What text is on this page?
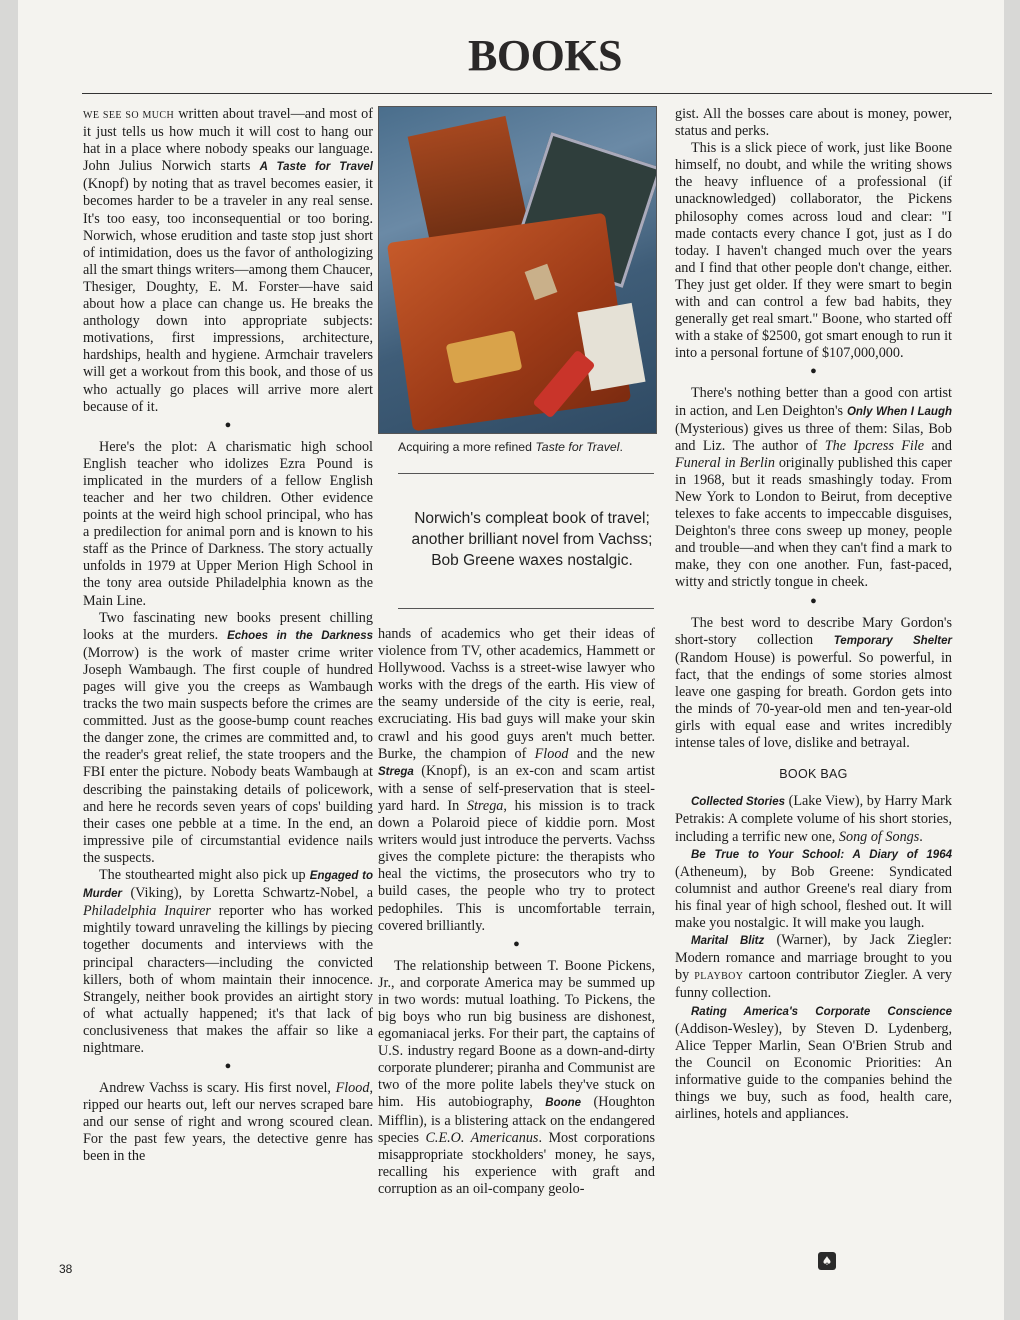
BOOKS

WE SEE SO MUCH written about travel—and most of it just tells us how much it will cost to hang our hat in a place where nobody speaks our language. John Julius Norwich starts A Taste for Travel (Knopf) by noting that as travel becomes easier, it becomes harder to be a traveler in any real sense. It's too easy, too inconsequential or too boring. Norwich, whose erudition and taste stop just short of intimidation, does us the favor of anthologizing all the smart things writers—among them Chaucer, Thesiger, Doughty, E. M. Forster—have said about how a place can change us. He breaks the anthology down into appropriate subjects: motivations, first impressions, architecture, hardships, health and hygiene. Armchair travelers will get a workout from this book, and those of us who actually go places will arrive more alert because of it.

●

Here's the plot: A charismatic high school English teacher who idolizes Ezra Pound is implicated in the murders of a fellow English teacher and her two children. Other evidence points at the weird high school principal, who has a predilection for animal porn and is known to his staff as the Prince of Darkness. The story actually unfolds in 1979 at Upper Merion High School in the tony area outside Philadelphia known as the Main Line.

Two fascinating new books present chilling looks at the murders. Echoes in the Darkness (Morrow) is the work of master crime writer Joseph Wambaugh. The first couple of hundred pages will give you the creeps as Wambaugh tracks the two main suspects before the crimes are committed. Just as the goose-bump count reaches the danger zone, the crimes are committed and, to the reader's great relief, the state troopers and the FBI enter the picture. Nobody beats Wambaugh at describing the painstaking details of policework, and here he records seven years of cops' building their cases one pebble at a time. In the end, an impressive pile of circumstantial evidence nails the suspects.

The stouthearted might also pick up Engaged to Murder (Viking), by Loretta Schwartz-Nobel, a Philadelphia Inquirer reporter who has worked mightily toward unraveling the killings by piecing together documents and interviews with the principal characters—including the convicted killers, both of whom maintain their innocence. Strangely, neither book provides an airtight story of what actually happened; it's that lack of conclusiveness that makes the affair so like a nightmare.

●

Andrew Vachss is scary. His first novel, Flood, ripped our hearts out, left our nerves scraped bare and our sense of right and wrong scoured clean. For the past few years, the detective genre has been in the

Acquiring a more refined Taste for Travel.
Norwich's compleat book of travel; another brilliant novel from Vachss; Bob Greene waxes nostalgic.

hands of academics who get their ideas of violence from TV, other academics, Hammett or Hollywood. Vachss is a street-wise lawyer who works with the dregs of the earth. His view of the seamy underside of the city is eerie, real, excruciating. His bad guys will make your skin crawl and his good guys aren't much better. Burke, the champion of Flood and the new Strega (Knopf), is an ex-con and scam artist with a sense of self-preservation that is steel-yard hard. In Strega, his mission is to track down a Polaroid piece of kiddie porn. Most writers would just introduce the perverts. Vachss gives the complete picture: the therapists who heal the victims, the prosecutors who try to build cases, the people who try to protect pedophiles. This is uncomfortable terrain, covered brilliantly.

●

The relationship between T. Boone Pickens, Jr., and corporate America may be summed up in two words: mutual loathing. To Pickens, the big boys who run big business are dishonest, egomaniacal jerks. For their part, the captains of U.S. industry regard Boone as a down-and-dirty corporate plunderer; piranha and Communist are two of the more polite labels they've stuck on him. His autobiography, Boone (Houghton Mifflin), is a blistering attack on the endangered species C.E.O. Americanus. Most corporations misappropriate stockholders' money, he says, recalling his experience with graft and corruption as an oil-company geolo-

gist. All the bosses care about is money, power, status and perks.

This is a slick piece of work, just like Boone himself, no doubt, and while the writing shows the heavy influence of a professional (if unacknowledged) collaborator, the Pickens philosophy comes across loud and clear: "I made contacts every chance I got, just as I do today. I haven't changed much over the years and I find that other people don't change, either. They just get older. If they were smart to begin with and can control a few bad habits, they generally get real smart." Boone, who started off with a stake of $2500, got smart enough to run it into a personal fortune of $107,000,000.

●

There's nothing better than a good con artist in action, and Len Deighton's Only When I Laugh (Mysterious) gives us three of them: Silas, Bob and Liz. The author of The Ipcress File and Funeral in Berlin originally published this caper in 1968, but it reads smashingly today. From New York to London to Beirut, from deceptive telexes to fake accents to impeccable disguises, Deighton's three cons sweep up money, people and trouble—and when they can't find a mark to make, they con one another. Fun, fast-paced, witty and strictly tongue in cheek.

●

The best word to describe Mary Gordon's short-story collection Temporary Shelter (Random House) is powerful. So powerful, in fact, that the endings of some stories almost leave one gasping for breath. Gordon gets into the minds of 70-year-old men and ten-year-old girls with equal ease and writes incredibly intense tales of love, dislike and betrayal.

BOOK BAG

Collected Stories (Lake View), by Harry Mark Petrakis: A complete volume of his short stories, including a terrific new one, Song of Songs.

Be True to Your School: A Diary of 1964 (Atheneum), by Bob Greene: Syndicated columnist and author Greene's real diary from his final year of high school, fleshed out. It will make you nostalgic. It will make you laugh.

Marital Blitz (Warner), by Jack Ziegler: Modern romance and marriage brought to you by PLAYBOY cartoon contributor Ziegler. A very funny collection.

Rating America's Corporate Conscience (Addison-Wesley), by Steven D. Lydenberg, Alice Tepper Marlin, Sean O'Brien Strub and the Council on Economic Priorities: An informative guide to the companies behind the things we buy, such as food, health care, airlines, hotels and appliances.

♠
38
